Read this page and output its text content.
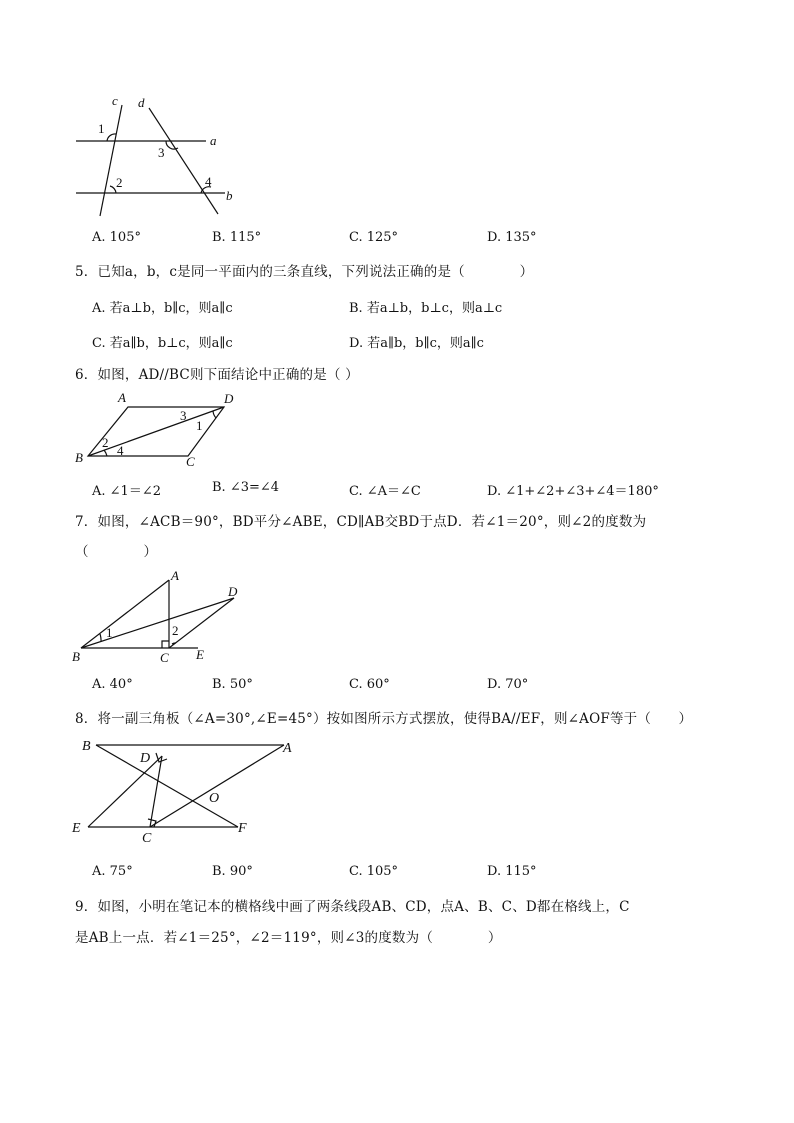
c d
a
b
1
2
3
4
A. 105°	B. 115°	C. 125°	D. 135°
5．已知a，b，c是同一平面内的三条直线，下列说法正确的是（　　　　）
A. 若a⊥b，b∥c，则a∥c	B. 若a⊥b，b⊥c，则a⊥c
C. 若a∥b，b⊥c，则a∥c	D. 若a∥b，b∥c，则a∥c
6．如图，AD//BC则下面结论中正确的是（ ）
A	D
B	C
3
1
2
4
A. ∠1＝∠2	B. ∠3=∠4	C. ∠A＝∠C	D. ∠1+∠2+∠3+∠4＝180°
7．如图，∠ACB＝90°，BD平分∠ABE，CD∥AB交BD于点D．若∠1＝20°，则∠2的度数为
（　　　　）
A
D
B	C E
1	2
A. 40°	B. 50°	C. 60°	D. 70°
8．将一副三角板（∠A=30°,∠E=45°）按如图所示方式摆放，使得BA//EF，则∠AOF等于（　　）
B	A
D
O
E
C
F
A. 75°	B. 90°	C. 105°	D. 115°
9．如图，小明在笔记本的横格线中画了两条线段AB、CD，点A、B、C、D都在格线上，C
是AB上一点．若∠1＝25°，∠2＝119°，则∠3的度数为（　　　　）
